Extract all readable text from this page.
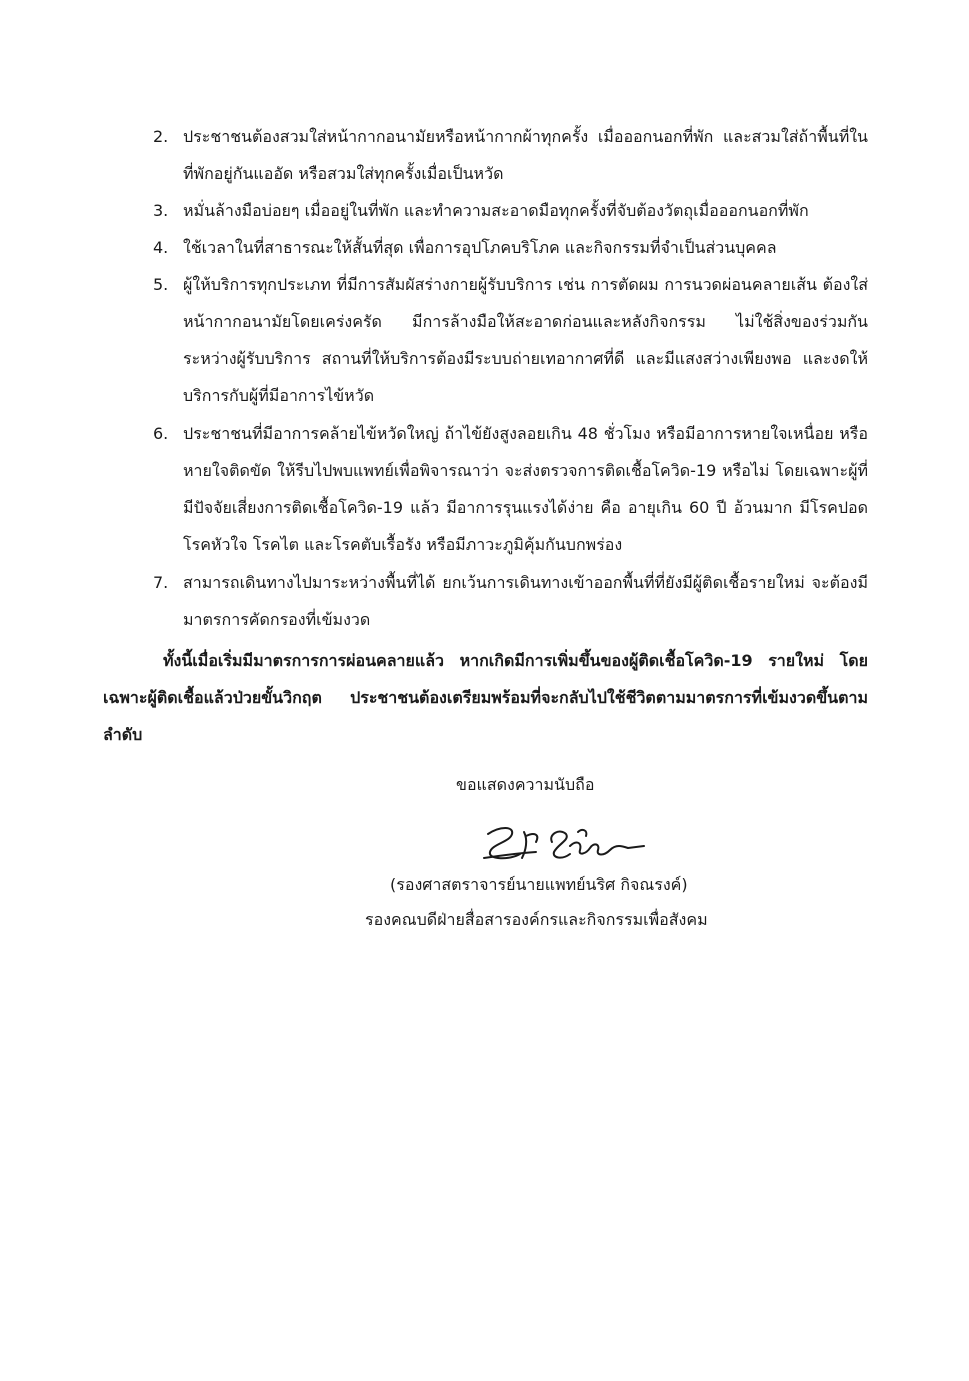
2. ประชาชนต้องสวมใส่หน้ากากอนามัยหรือหน้ากากผ้าทุกครั้ง เมื่อออกนอกที่พัก และสวมใส่ถ้าพื้นที่ในที่พักอยู่กันแออัด หรือสวมใส่ทุกครั้งเมื่อเป็นหวัด
3. หมั่นล้างมือบ่อยๆ เมื่ออยู่ในที่พัก และทำความสะอาดมือทุกครั้งที่จับต้องวัตถุเมื่อออกนอกที่พัก
4. ใช้เวลาในที่สาธารณะให้สั้นที่สุด เพื่อการอุปโภคบริโภค และกิจกรรมที่จำเป็นส่วนบุคคล
5. ผู้ให้บริการทุกประเภท ที่มีการสัมผัสร่างกายผู้รับบริการ เช่น การตัดผม การนวดผ่อนคลายเส้น ต้องใส่หน้ากากอนามัยโดยเคร่งครัด มีการล้างมือให้สะอาดก่อนและหลังกิจกรรม ไม่ใช้สิ่งของร่วมกันระหว่างผู้รับบริการ สถานที่ให้บริการต้องมีระบบถ่ายเทอากาศที่ดี และมีแสงสว่างเพียงพอ และงดให้บริการกับผู้ที่มีอาการไข้หวัด
6. ประชาชนที่มีอาการคล้ายไข้หวัดใหญ่ ถ้าไข้ยังสูงลอยเกิน 48 ชั่วโมง หรือมีอาการหายใจเหนื่อย หรือหายใจติดขัด ให้รีบไปพบแพทย์เพื่อพิจารณาว่า จะส่งตรวจการติดเชื้อโควิด-19 หรือไม่ โดยเฉพาะผู้ที่มีปัจจัยเสี่ยงการติดเชื้อโควิด-19 แล้ว มีอาการรุนแรงได้ง่าย คือ อายุเกิน 60 ปี อ้วนมาก มีโรคปอด โรคหัวใจ โรคไต และโรคตับเรื้อรัง หรือมีภาวะภูมิคุ้มกันบกพร่อง
7. สามารถเดินทางไปมาระหว่างพื้นที่ได้ ยกเว้นการเดินทางเข้าออกพื้นที่ที่ยังมีผู้ติดเชื้อรายใหม่ จะต้องมีมาตรการคัดกรองที่เข้มงวด
ทั้งนี้เมื่อเริ่มมีมาตรการการผ่อนคลายแล้ว หากเกิดมีการเพิ่มขึ้นของผู้ติดเชื้อโควิด-19 รายใหม่ โดยเฉพาะผู้ติดเชื้อแล้วป่วยขั้นวิกฤต ประชาชนต้องเตรียมพร้อมที่จะกลับไปใช้ชีวิตตามมาตรการที่เข้มงวดขึ้นตามลำดับ
ขอแสดงความนับถือ
(รองศาสตราจารย์นายแพทย์นริศ กิจณรงค์)
รองคณบดีฝ่ายสื่อสารองค์กรและกิจกรรมเพื่อสังคม
